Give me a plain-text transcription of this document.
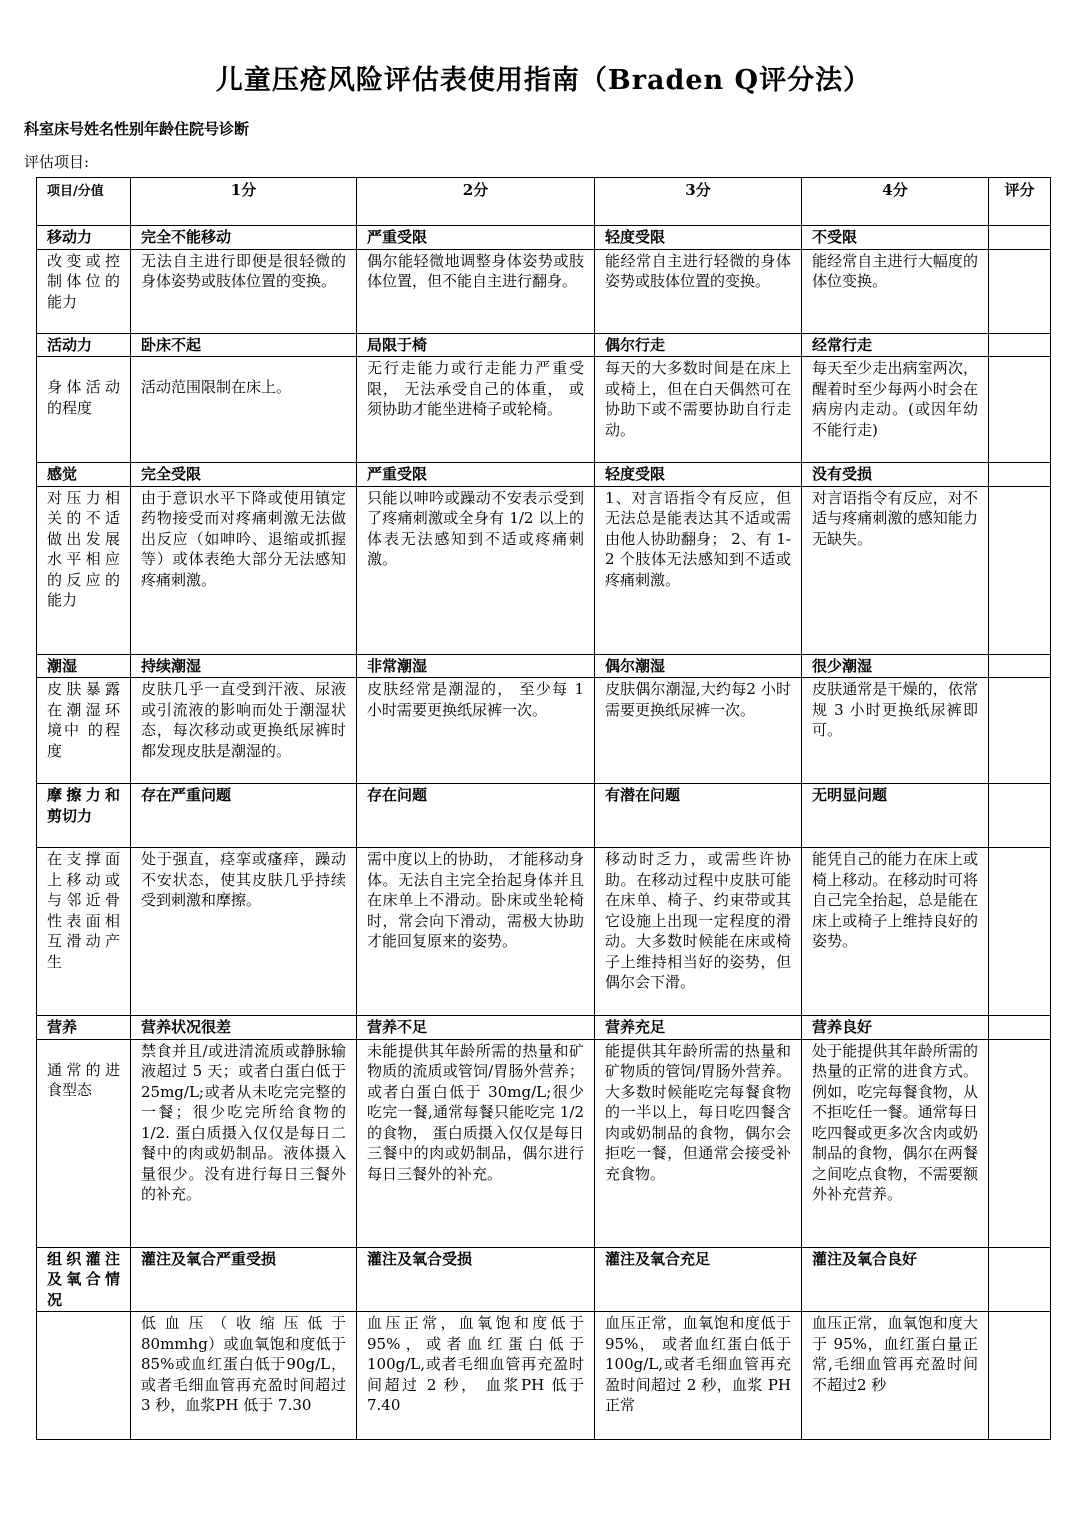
儿童压疮风险评估表使用指南（Braden Q评分法）
科室床号姓名性别年龄住院号诊断
评估项目:
项目/分值	1分	2分	3分	4分	评分
移动力	完全不能移动	严重受限	轻度受限	不受限	

改变或控制体位的能力	无法自主进行即便是很轻微的身体姿势或肢体位置的变换。	偶尔能轻微地调整身体姿势或肢体位置，但不能自主进行翻身。	能经常自主进行轻微的身体姿势或肢体位置的变换。	能经常自主进行大幅度的体位变换。	

活动力	卧床不起	局限于椅	偶尔行走	经常行走	

身体活动的程度	活动范围限制在床上。	无行走能力或行走能力严重受限， 无法承受自己的体重， 或须协助才能坐进椅子或轮椅。	每天的大多数时间是在床上或椅上，但在白天偶然可在协助下或不需要协助自行走动。	每天至少走出病室两次，醒着时至少每两小时会在病房内走动。(或因年幼不能行走)	

感觉	完全受限	严重受限	轻度受限	没有受损	

对压力相关的不适做出发展水平相应的反应的能力	由于意识水平下降或使用镇定药物接受而对疼痛刺激无法做出反应（如呻吟、退缩或抓握等）或体表绝大部分无法感知疼痛刺激。	只能以呻吟或躁动不安表示受到了疼痛刺激或全身有 1/2 以上的体表无法感知到不适或疼痛刺激。	1、对言语指令有反应，但无法总是能表达其不适或需由他人协助翻身； 2、有 1-2 个肢体无法感知到不适或疼痛刺激。	对言语指令有反应，对不适与疼痛刺激的感知能力无缺失。	

潮湿	持续潮湿	非常潮湿	偶尔潮湿	很少潮湿	

皮肤暴露在潮湿环境中 的程度	皮肤几乎一直受到汗液、尿液或引流液的影响而处于潮湿状态，每次移动或更换纸尿裤时都发现皮肤是潮湿的。	皮肤经常是潮湿的， 至少每 1 小时需要更换纸尿裤一次。	皮肤偶尔潮湿,大约每2 小时需要更换纸尿裤一次。	皮肤通常是干燥的，依常规 3 小时更换纸尿裤即可。	

摩擦力和剪切力	存在严重问题	存在问题	有潜在问题	无明显问题	

在支撑面上移动或与邻近骨性表面相互滑动产生	处于强直，痉挛或瘙痒，躁动不安状态，使其皮肤几乎持续受到刺激和摩擦。	需中度以上的协助， 才能移动身体。无法自主完全抬起身体并且在床单上不滑动。卧床或坐轮椅时，常会向下滑动，需极大协助才能回复原来的姿势。	移动时乏力，或需些许协助。在移动过程中皮肤可能在床单、椅子、约束带或其它设施上出现一定程度的滑动。大多数时候能在床或椅子上维持相当好的姿势，但偶尔会下滑。	能凭自己的能力在床上或椅上移动。在移动时可将自己完全抬起，总是能在床上或椅子上维持良好的姿势。	

营养	营养状况很差	营养不足	营养充足	营养良好	

通常的进食型态	禁食并且/或进清流质或静脉输液超过 5 天；或者白蛋白低于 25mg/L;或者从未吃完完整的一餐；很少吃完所给食物的 1/2. 蛋白质摄入仅仅是每日二餐中的肉或奶制品。液体摄入量很少。没有进行每日三餐外的补充。	未能提供其年龄所需的热量和矿物质的流质或管饲/胃肠外营养；或者白蛋白低于 30mg/L;很少吃完一餐,通常每餐只能吃完 1/2 的食物， 蛋白质摄入仅仅是每日三餐中的肉或奶制品，偶尔进行每日三餐外的补充。	能提供其年龄所需的热量和矿物质的管饲/胃肠外营养。大多数时候能吃完每餐食物的一半以上，每日吃四餐含肉或奶制品的食物，偶尔会拒吃一餐，但通常会接受补充食物。	处于能提供其年龄所需的热量的正常的进食方式。例如，吃完每餐食物，从不拒吃任一餐。通常每日吃四餐或更多次含肉或奶制品的食物，偶尔在两餐之间吃点食物，不需要额外补充营养。	

组织灌注及氧合情况	灌注及氧合严重受损	灌注及氧合受损	灌注及氧合充足	灌注及氧合良好	

	低血压（收缩压低于80mmhg）或血氧饱和度低于 85%或血红蛋白低于90g/L， 或者毛细血管再充盈时间超过 3 秒，血浆PH 低于 7.30	血压正常，血氧饱和度低于 95%，或者血红蛋白低于100g/L,或者毛细血管再充盈时间超过 2 秒， 血浆PH 低于 7.40	血压正常，血氧饱和度低于 95%， 或者血红蛋白低于 100g/L,或者毛细血管再充盈时间超过 2 秒，血浆 PH 正常	血压正常，血氧饱和度大于 95%，血红蛋白量正常,毛细血管再充盈时间不超过2 秒	
